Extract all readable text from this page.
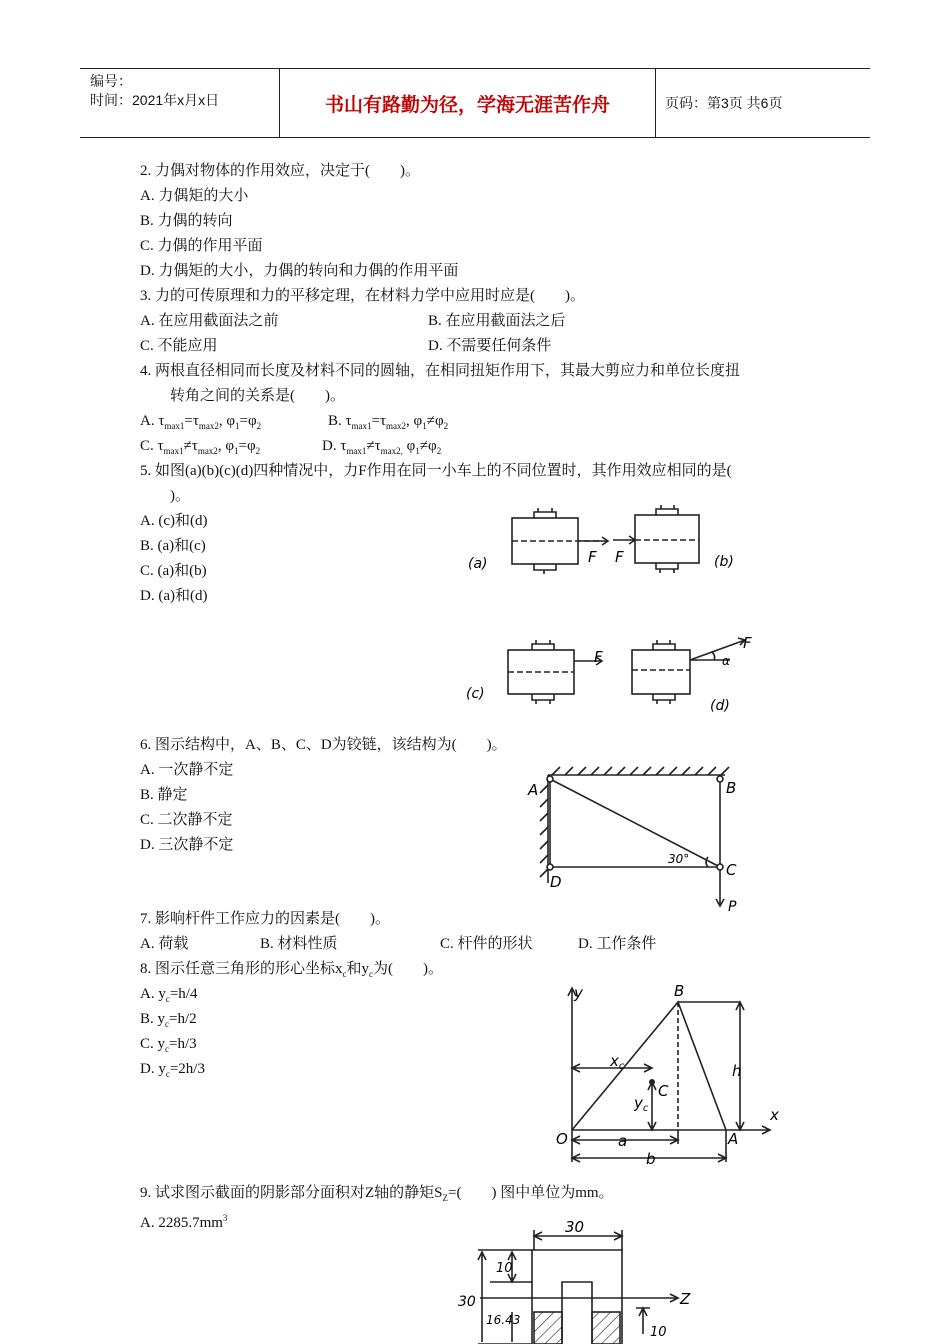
编号：
时间：2021年x月x日	书山有路勤为径，学海无涯苦作舟	页码：第3页 共6页
2. 力偶对物体的作用效应，决定于(　　)。
A. 力偶矩的大小
B. 力偶的转向
C. 力偶的作用平面
D. 力偶矩的大小，力偶的转向和力偶的作用平面
3. 力的可传原理和力的平移定理，在材料力学中应用时应是(　　)。
A. 在应用截面法之前	B. 在应用截面法之后
C. 不能应用	D. 不需要任何条件
4. 两根直径相同而长度及材料不同的圆轴，在相同扭矩作用下，其最大剪应力和单位长度扭
转角之间的关系是(　　)。
A. $\tau_{max1}=\tau_{max2}$, $\varphi_1=\varphi_2$	B. $\tau_{max1}=\tau_{max2}$, $\varphi_1\ne\varphi_2$
C. $\tau_{max1}\ne\tau_{max2}$, $\varphi_1=\varphi_2$	D. $\tau_{max1}\ne\tau_{max2,}$ $\varphi_1\ne\varphi_2$
5. 如图(a)(b)(c)(d)四种情况中，力F作用在同一小车上的不同位置时，其作用效应相同的是(
)。
A. (c)和(d)
B. (a)和(c)
C. (a)和(b)
D. (a)和(d)
(a)	(b)
(c)
(d)
F F
F
F
α
6. 图示结构中，A、B、C、D为铰链，该结构为(　　)。
A. 一次静不定
B. 静定
C. 二次静不定
D. 三次静不定
A	B
C
D
30°
P
7. 影响杆件工作应力的因素是(　　)。
A. 荷载	B. 材料性质	C. 杆件的形状	D. 工作条件
8. 图示任意三角形的形心坐标$x_c$和$y_c$为(　　)。
A. $y_c=h/4$
B. $y_c=h/2$
C. $y_c=h/3$
D. $y_c=2h/3$
y
x
O	A
B
C
h
a
b
$x_c$
$y_c$
9. 试求图示截面的阴影部分面积对Z轴的静矩$S_Z=$(　　) 图中单位为mm。
A. $2285.7mm^3$	30
30
10
16.43
Z
10
